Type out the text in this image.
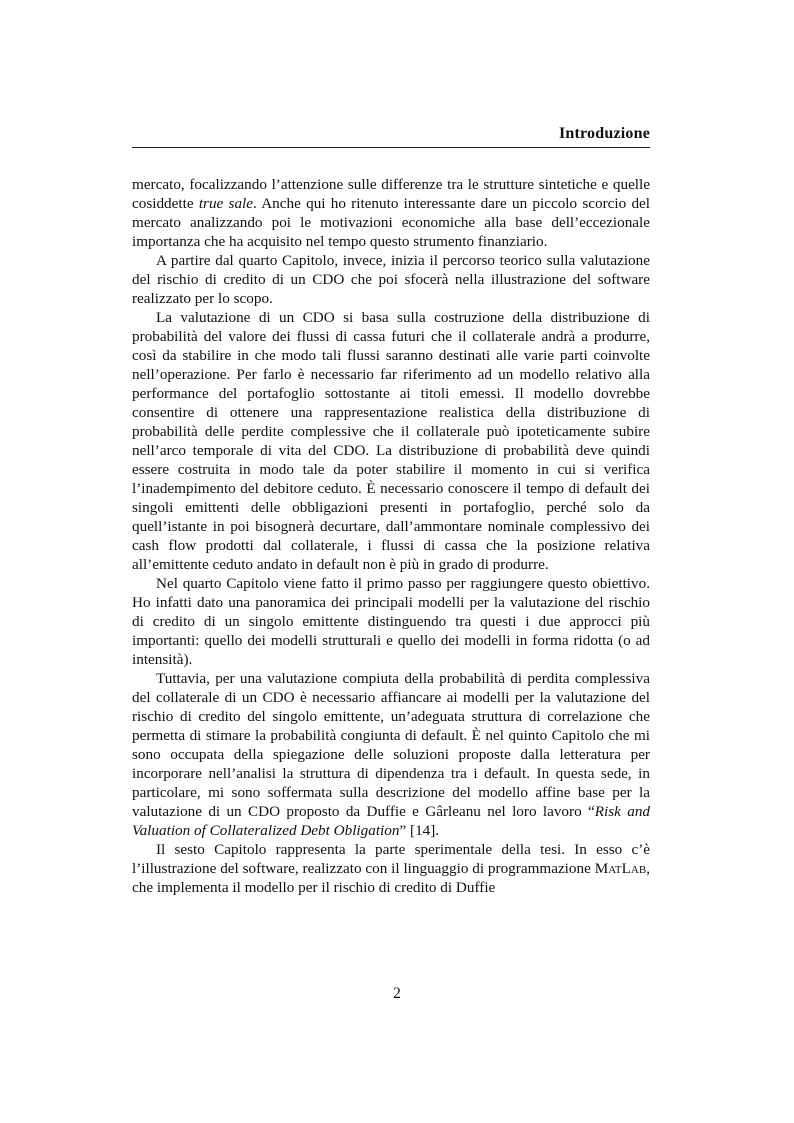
Introduzione

mercato, focalizzando l’attenzione sulle differenze tra le strutture sintetiche e quelle cosiddette true sale. Anche qui ho ritenuto interessante dare un piccolo scorcio del mercato analizzando poi le motivazioni economiche alla base dell’eccezionale importanza che ha acquisito nel tempo questo strumento finanziario.

A partire dal quarto Capitolo, invece, inizia il percorso teorico sulla valutazione del rischio di credito di un CDO che poi sfocerà nella illustrazione del software realizzato per lo scopo.

La valutazione di un CDO si basa sulla costruzione della distribuzione di probabilità del valore dei flussi di cassa futuri che il collaterale andrà a produrre, così da stabilire in che modo tali flussi saranno destinati alle varie parti coinvolte nell’operazione. Per farlo è necessario far riferimento ad un modello relativo alla performance del portafoglio sottostante ai titoli emessi. Il modello dovrebbe consentire di ottenere una rappresentazione realistica della distribuzione di probabilità delle perdite complessive che il collaterale può ipoteticamente subire nell’arco temporale di vita del CDO. La distribuzione di probabilità deve quindi essere costruita in modo tale da poter stabilire il momento in cui si verifica l’inadempimento del debitore ceduto. È necessario conoscere il tempo di default dei singoli emittenti delle obbligazioni presenti in portafoglio, perché solo da quell’istante in poi bisognerà decurtare, dall’ammontare nominale complessivo dei cash flow prodotti dal collaterale, i flussi di cassa che la posizione relativa all’emittente ceduto andato in default non è più in grado di produrre.

Nel quarto Capitolo viene fatto il primo passo per raggiungere questo obiettivo. Ho infatti dato una panoramica dei principali modelli per la valutazione del rischio di credito di un singolo emittente distinguendo tra questi i due approcci più importanti: quello dei modelli strutturali e quello dei modelli in forma ridotta (o ad intensità).

Tuttavia, per una valutazione compiuta della probabilità di perdita complessiva del collaterale di un CDO è necessario affiancare ai modelli per la valutazione del rischio di credito del singolo emittente, un’adeguata struttura di correlazione che permetta di stimare la probabilità congiunta di default. È nel quinto Capitolo che mi sono occupata della spiegazione delle soluzioni proposte dalla letteratura per incorporare nell’analisi la struttura di dipendenza tra i default. In questa sede, in particolare, mi sono soffermata sulla descrizione del modello affine base per la valutazione di un CDO proposto da Duffie e Gârleanu nel loro lavoro “Risk and Valuation of Collateralized Debt Obligation” [14].

Il sesto Capitolo rappresenta la parte sperimentale della tesi. In esso c’è l’illustrazione del software, realizzato con il linguaggio di programmazione MatLab, che implementa il modello per il rischio di credito di Duffie

2
